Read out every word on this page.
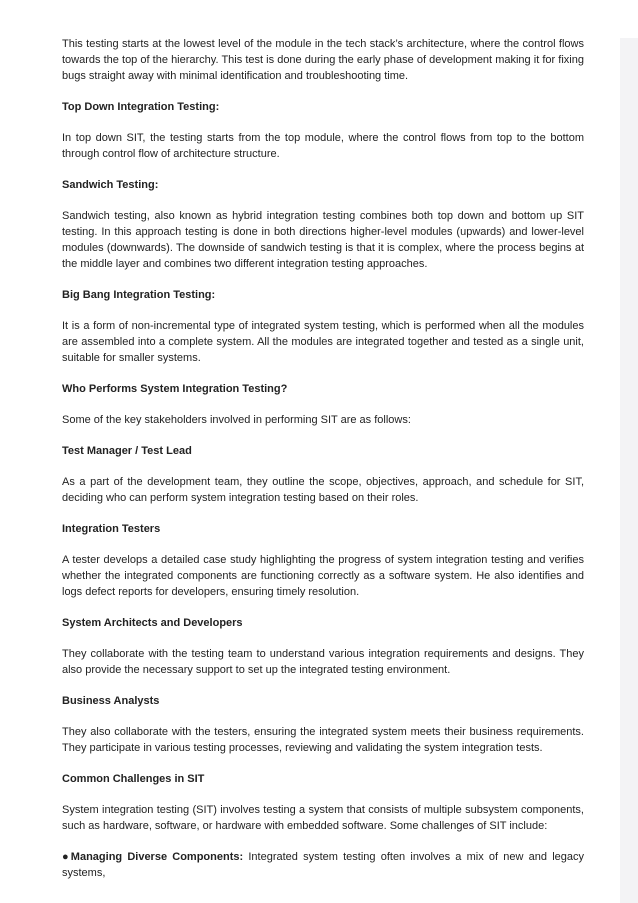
This testing starts at the lowest level of the module in the tech stack’s architecture, where the control flows towards the top of the hierarchy. This test is done during the early phase of development making it for fixing bugs straight away with minimal identification and troubleshooting time.

Top Down Integration Testing:

In top down SIT, the testing starts from the top module, where the control flows from top to the bottom through control flow of architecture structure.

Sandwich Testing:

Sandwich testing, also known as hybrid integration testing combines both top down and bottom up SIT testing. In this approach testing is done in both directions higher-level modules (upwards) and lower-level modules (downwards). The downside of sandwich testing is that it is complex, where the process begins at the middle layer and combines two different integration testing approaches.

Big Bang Integration Testing:

It is a form of non-incremental type of integrated system testing, which is performed when all the modules are assembled into a complete system. All the modules are integrated together and tested as a single unit, suitable for smaller systems.

Who Performs System Integration Testing?

Some of the key stakeholders involved in performing SIT are as follows:

Test Manager / Test Lead

As a part of the development team, they outline the scope, objectives, approach, and schedule for SIT, deciding who can perform system integration testing based on their roles.

Integration Testers

A tester develops a detailed case study highlighting the progress of system integration testing and verifies whether the integrated components are functioning correctly as a software system. He also identifies and logs defect reports for developers, ensuring timely resolution.

System Architects and Developers

They collaborate with the testing team to understand various integration requirements and designs. They also provide the necessary support to set up the integrated testing environment.

Business Analysts

They also collaborate with the testers, ensuring the integrated system meets their business requirements. They participate in various testing processes, reviewing and validating the system integration tests.

Common Challenges in SIT

System integration testing (SIT) involves testing a system that consists of multiple subsystem components, such as hardware, software, or hardware with embedded software. Some challenges of SIT include:

●Managing Diverse Components: Integrated system testing often involves a mix of new and legacy systems,
